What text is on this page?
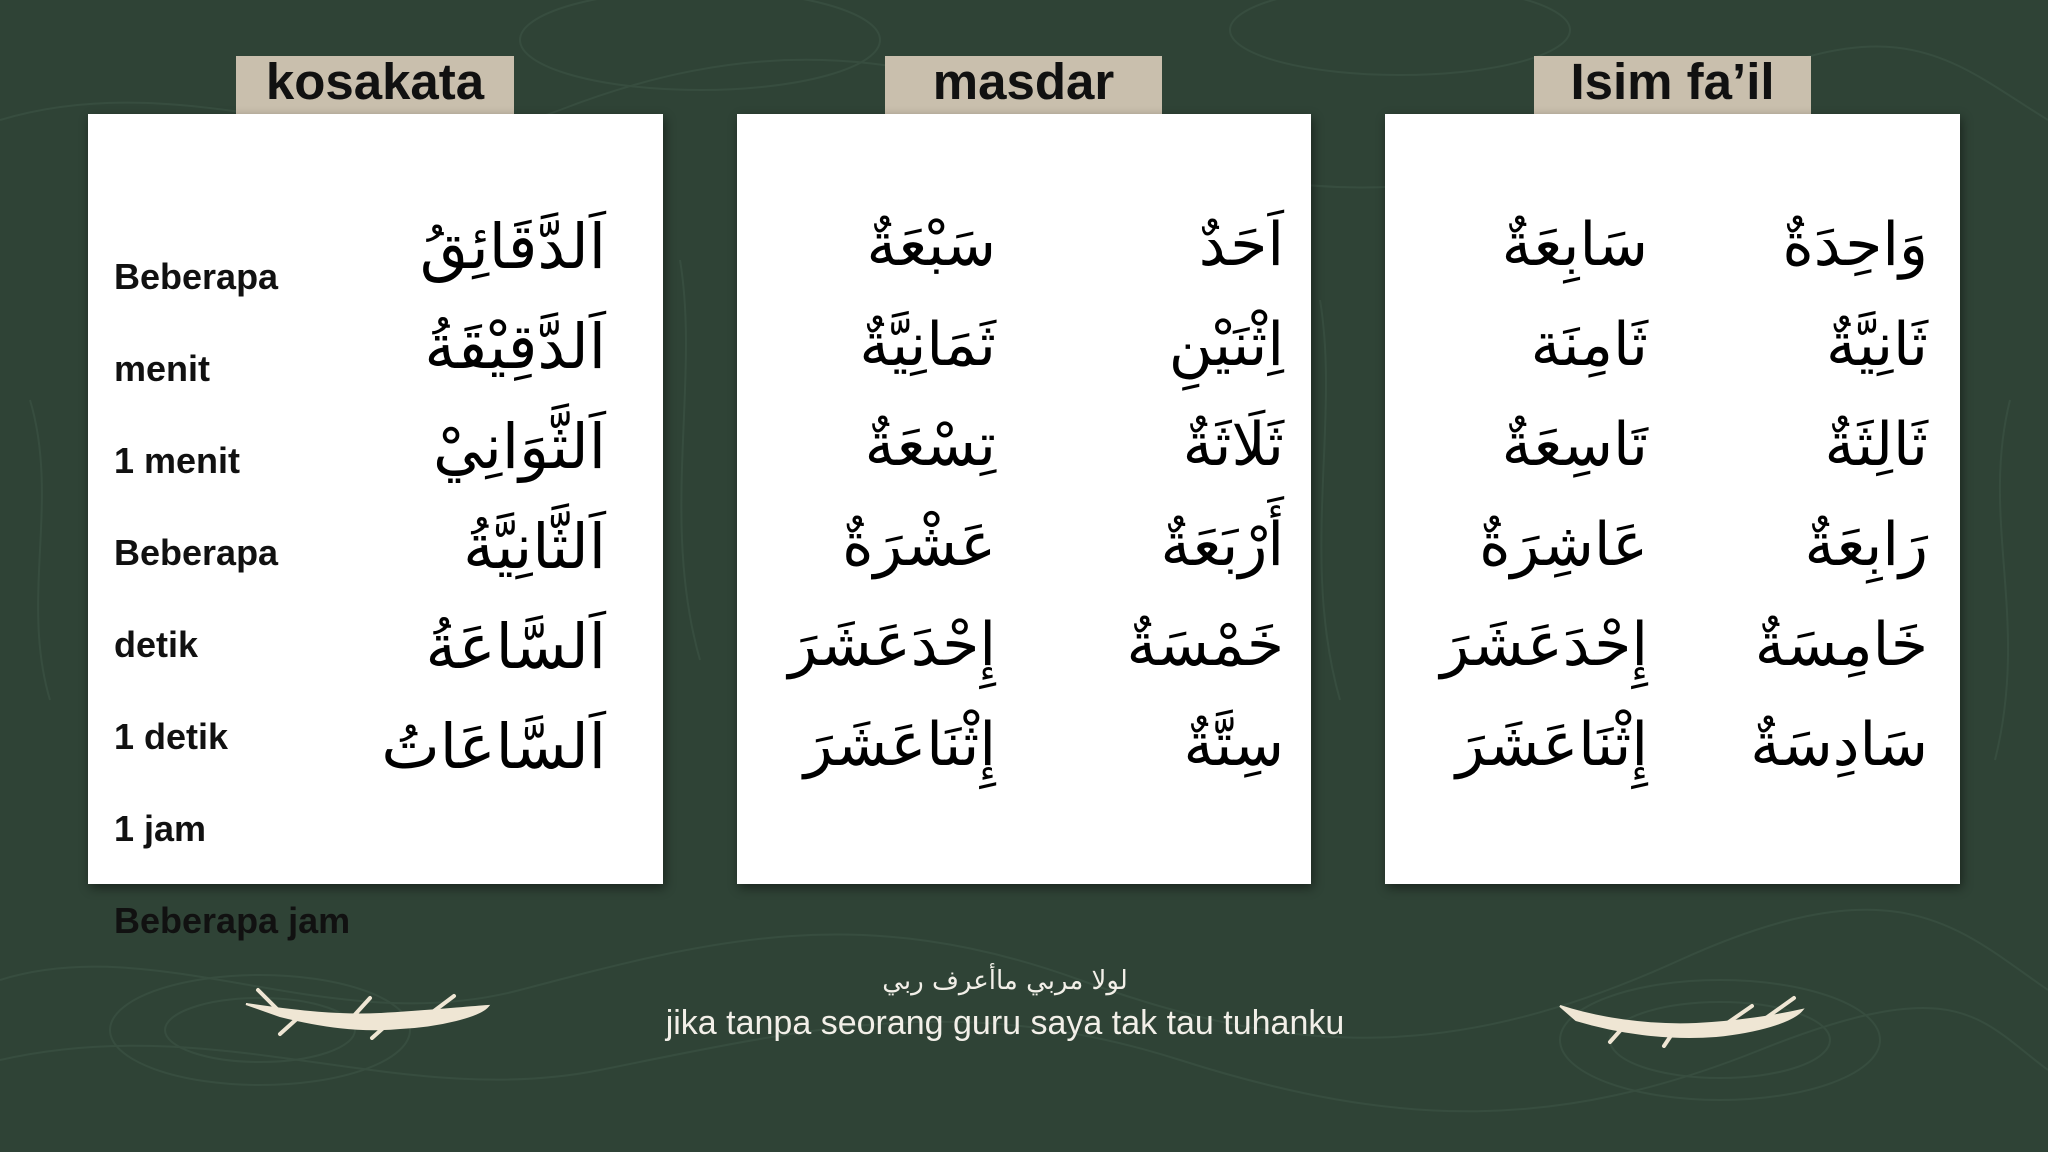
kosakata
اَلدَّقَائِقُ
اَلدَّقِيْقَةُ
اَلثَّوَانِيْ
اَلثَّانِيَّةُ
اَلسَّاعَةُ
اَلسَّاعَاتُ
Beberapa
menit
1 menit
Beberapa
detik
1 detik
1 jam
Beberapa jam
masdar
اَحَدٌ
اِثْنَيْنِ
ثَلَاثَةٌ
أَرْبَعَةٌ
خَمْسَةٌ
سِتَّةٌ
سَبْعَةٌ
ثَمَانِيَّةٌ
تِسْعَةٌ
عَشْرَةٌ
إِحْدَعَشَرَ
إِثْنَاعَشَرَ
Isim fa’il
وَاحِدَةٌ
ثَانِيَّةٌ
ثَالِثَةٌ
رَابِعَةٌ
خَامِسَةٌ
سَادِسَةٌ
سَابِعَةٌ
ثَامِنَة
تَاسِعَةٌ
عَاشِرَةٌ
إِحْدَعَشَرَ
إِثْنَاعَشَرَ
لولا مربي ماأعرف ربي
jika tanpa seorang guru saya tak tau tuhanku
